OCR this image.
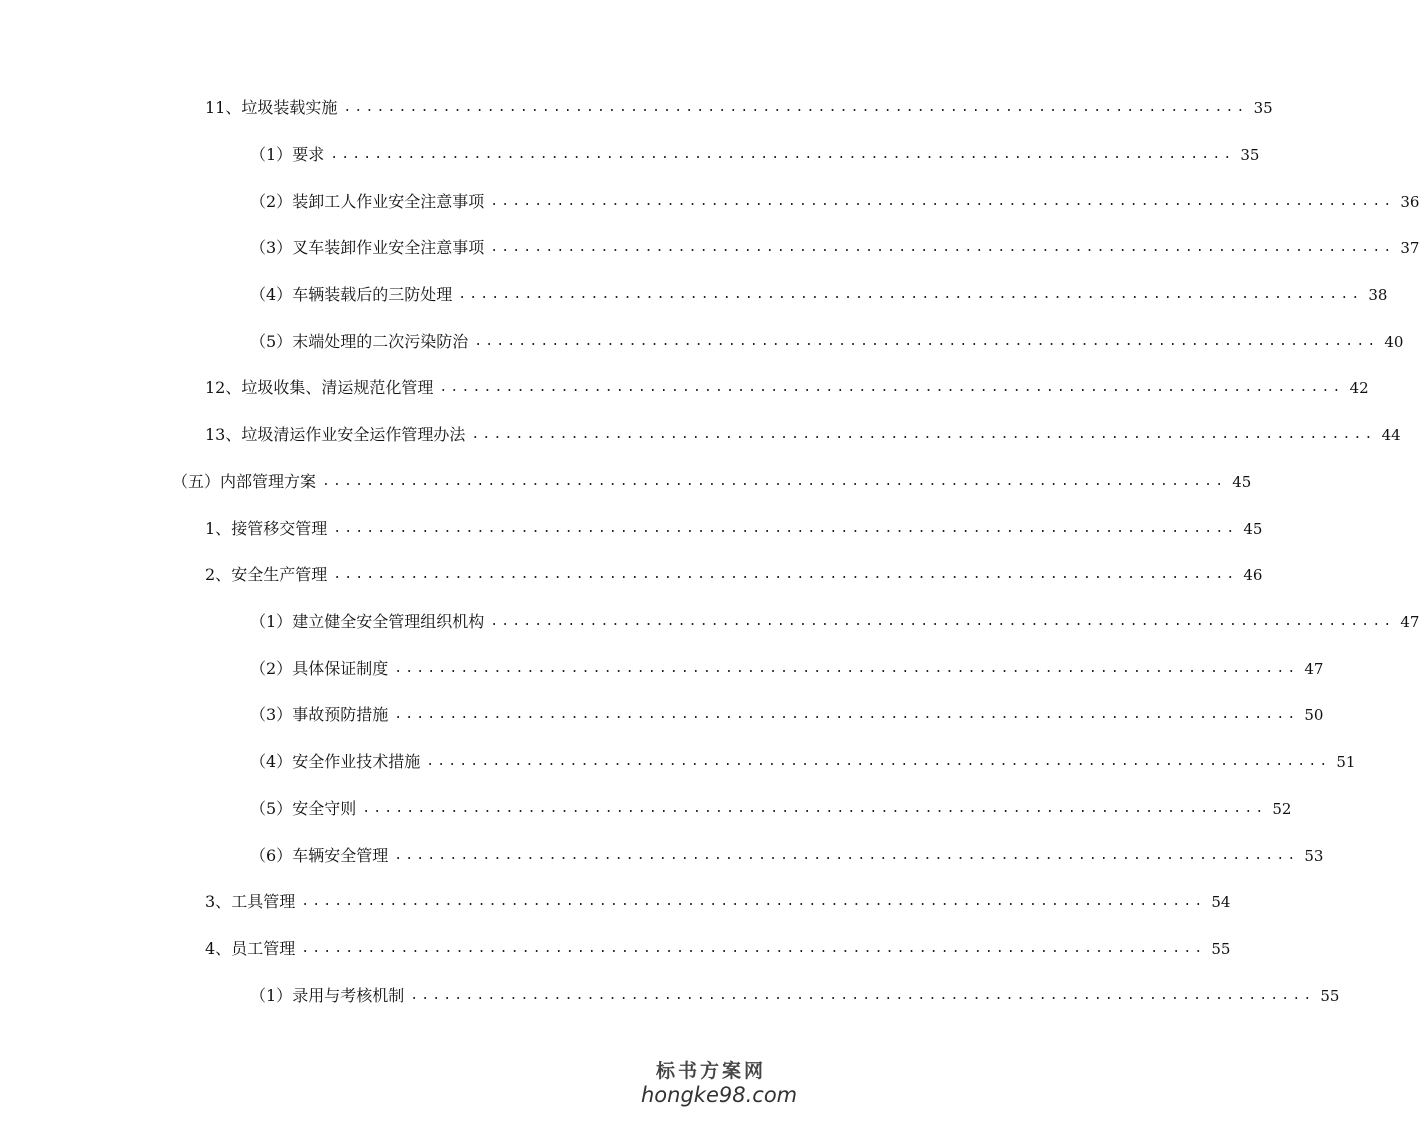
11、 垃圾装载实施 .................................................................................. 35
（1） 要求 .................................................................................. 35
（2） 装卸工人作业安全注意事项 .................................................................................. 36
（3） 叉车装卸作业安全注意事项 .................................................................................. 37
（4） 车辆装载后的三防处理 .................................................................................. 38
（5） 末端处理的二次污染防治 .................................................................................. 40
12、 垃圾收集、清运规范化管理 .................................................................................. 42
13、 垃圾清运作业安全运作管理办法 .................................................................................. 44
（五） 内部管理方案 .................................................................................. 45
1、 接管移交管理 .................................................................................. 45
2、 安全生产管理 .................................................................................. 46
（1） 建立健全安全管理组织机构 .................................................................................. 47
（2） 具体保证制度 .................................................................................. 47
（3） 事故预防措施 .................................................................................. 50
（4） 安全作业技术措施 .................................................................................. 51
（5） 安全守则 .................................................................................. 52
（6） 车辆安全管理 .................................................................................. 53
3、 工具管理 .................................................................................. 54
4、 员工管理 .................................................................................. 55
（1） 录用与考核机制 .................................................................................. 55
标书方案网
hongke98.com
